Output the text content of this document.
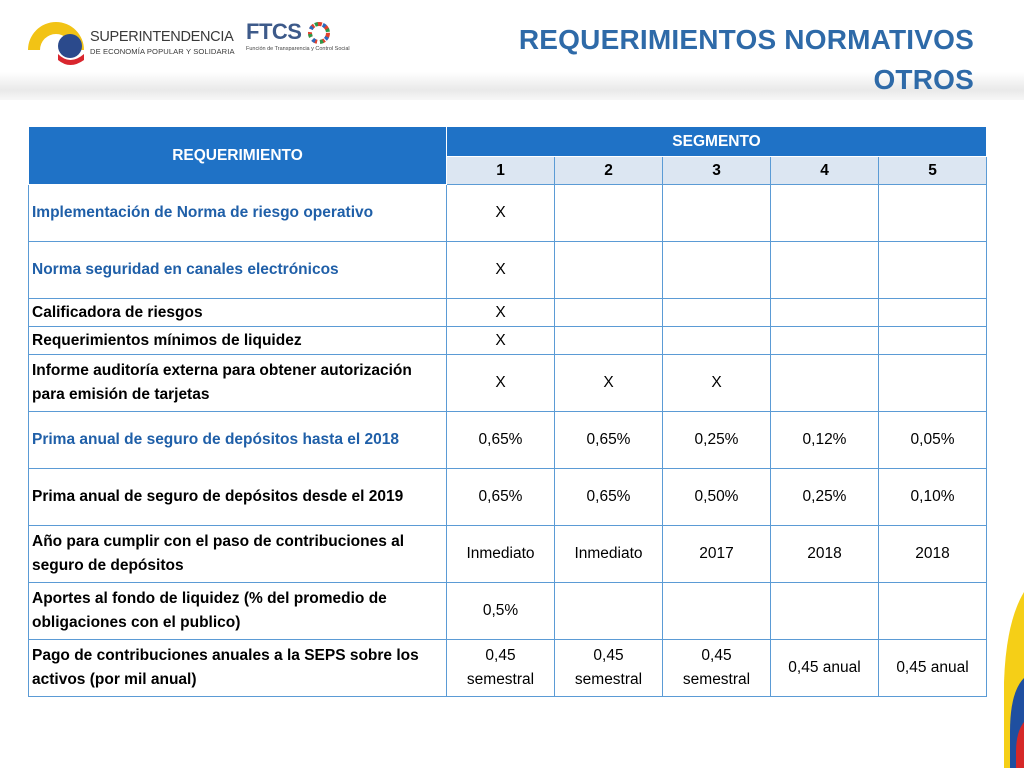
SUPERINTENDENCIA
DE ECONOMÍA POPULAR Y SOLIDARIA
FTCS
Función de Transparencia y Control Social	REQUERIMIENTOS NORMATIVOS
OTROS
REQUERIMIENTO	SEGMENTO				
	1	2	3	4	5
Implementación de Norma de riesgo operativo	X				
Norma seguridad en canales electrónicos	X				
Calificadora de riesgos	X				
Requerimientos mínimos de liquidez	X				
Informe auditoría externa para obtener autorización para emisión de tarjetas	X	X	X		
Prima anual de seguro de depósitos hasta el 2018	0,65%	0,65%	0,25%	0,12%	0,05%
Prima anual de seguro de depósitos desde el 2019	0,65%	0,65%	0,50%	0,25%	0,10%
Año para cumplir con el paso de contribuciones al seguro de depósitos	Inmediato	Inmediato	2017	2018	2018
Aportes al fondo de liquidez (% del promedio de obligaciones con el publico)	0,5%				
Pago de contribuciones anuales a la SEPS sobre los activos (por mil anual)	0,45 semestral	0,45 semestral	0,45 semestral	0,45 anual	0,45 anual
